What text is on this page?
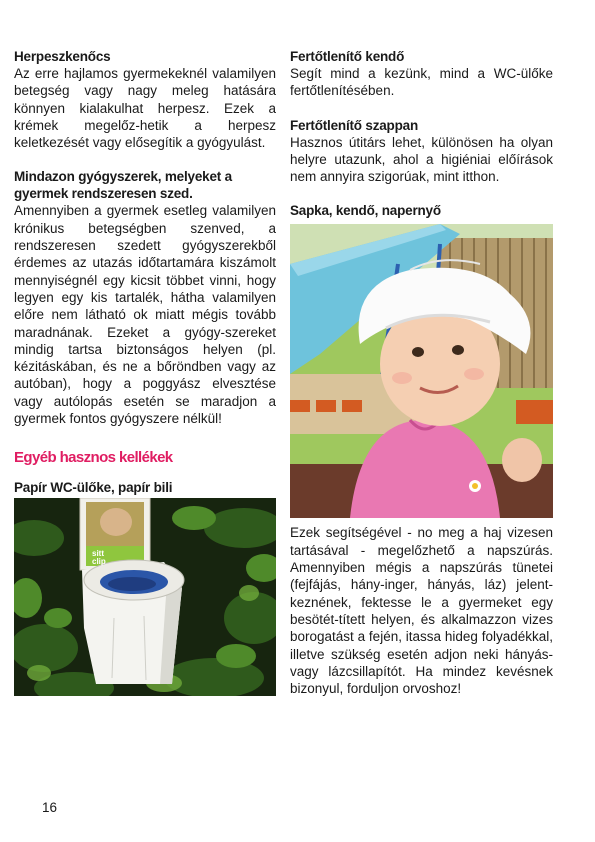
Herpeszkenőcs

Az erre hajlamos gyermekeknél valamilyen betegség vagy nagy meleg hatására könnyen kialakulhat herpesz. Ezek a krémek megelőz-hetik a herpesz keletkezését vagy elősegítik a gyógyulást.

Mindazon gyógyszerek, melyeket a gyermek rendszeresen szed.

Amennyiben a gyermek esetleg valamilyen krónikus betegségben szenved, a rendszeresen szedett gyógyszerekből érdemes az utazás időtartamára kiszámolt mennyiségnél egy kicsit többet vinni, hogy legyen egy kis tartalék, hátha valamilyen előre nem látható ok miatt mégis tovább maradnának. Ezeket a gyógy-szereket mindig tartsa biztonságos helyen (pl. kézitáskában, és ne a bőröndben vagy az autóban), hogy a poggyász elvesztése vagy autólopás esetén se maradjon a gyermek fontos gyógyszere nélkül!

Egyéb hasznos kellékek
Papír WC-ülőke, papír bili
sitt
clip
Fertőtlenítő kendő

Segít mind a kezünk, mind a WC-ülőke fertőtlenítésében.

Fertőtlenítő szappan

Hasznos útitárs lehet, különösen ha olyan helyre utazunk, ahol a higiéniai előírások nem annyira szigorúak, mint itthon.

Sapka, kendő, napernyő

Ezek segítségével - no meg a haj vizesen tartásával - megelőzhető a napszúrás. Amennyiben mégis a napszúrás tünetei (fejfájás, hány-inger, hányás, láz) jelent-keznének, fektesse le a gyermeket egy besötét-tített helyen, és alkalmazzon vizes borogatást a fején, itassa hideg folyadékkal, illetve szükség esetén adjon neki hányás- vagy lázcsillapítót. Ha mindez kevésnek bizonyul, forduljon orvoshoz!

16
